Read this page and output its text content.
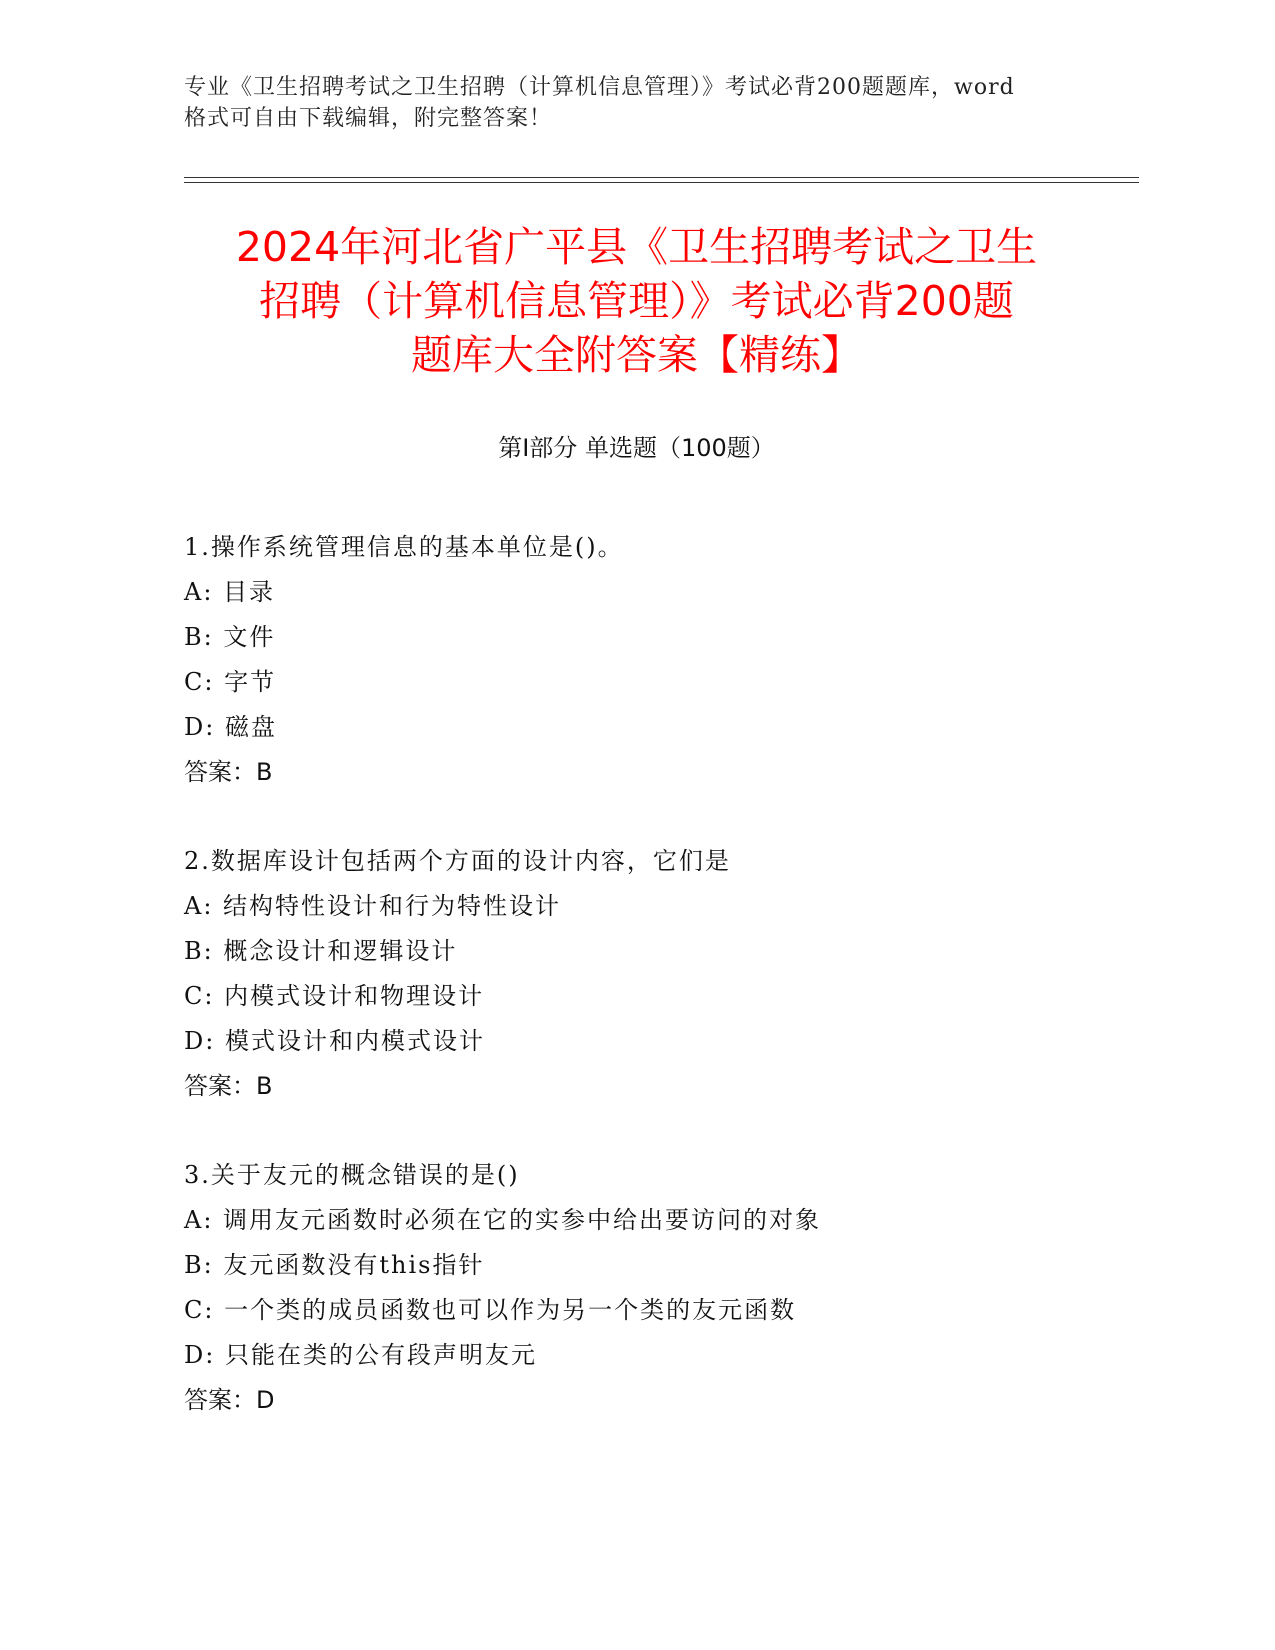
专业《卫生招聘考试之卫生招聘（计算机信息管理）》考试必背200题题库，word
格式可自由下载编辑，附完整答案！
2024年河北省广平县《卫生招聘考试之卫生
招聘（计算机信息管理）》考试必背200题
题库大全附答案【精练】
第Ⅰ部分 单选题（100题）
1.操作系统管理信息的基本单位是()。
A: 目录
B: 文件
C: 字节
D: 磁盘
答案：B
2.数据库设计包括两个方面的设计内容，它们是
A: 结构特性设计和行为特性设计
B: 概念设计和逻辑设计
C: 内模式设计和物理设计
D: 模式设计和内模式设计
答案：B
3.关于友元的概念错误的是()
A: 调用友元函数时必须在它的实参中给出要访问的对象
B: 友元函数没有this指针
C: 一个类的成员函数也可以作为另一个类的友元函数
D: 只能在类的公有段声明友元
答案：D
